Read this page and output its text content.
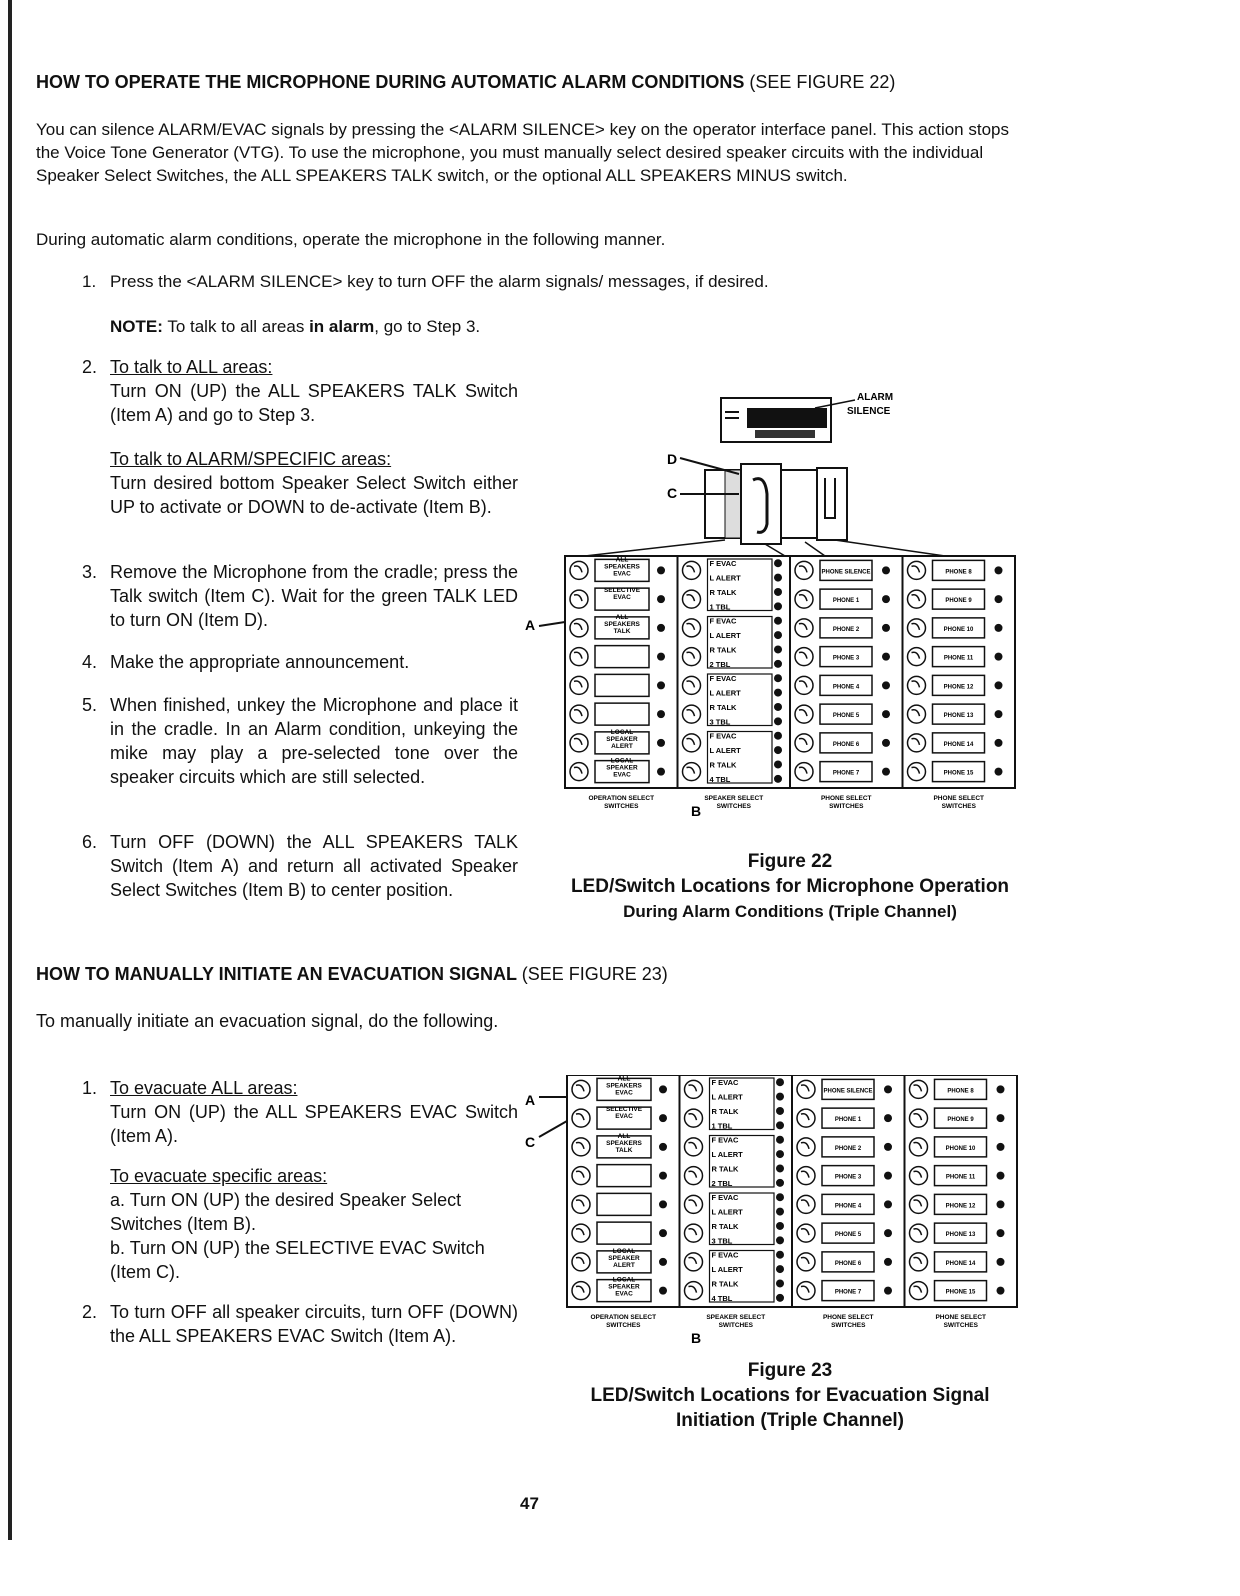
HOW TO OPERATE THE MICROPHONE DURING AUTOMATIC ALARM CONDITIONS (SEE FIGURE 22)
You can silence ALARM/EVAC signals by pressing the <ALARM SILENCE> key on the operator interface panel. This action stops the Voice Tone Generator (VTG). To use the microphone, you must manually select desired speaker circuits with the individual Speaker Select Switches, the ALL SPEAKERS TALK switch, or the optional ALL SPEAKERS MINUS switch.
During automatic alarm conditions, operate the microphone in the following manner.
1. Press the <ALARM SILENCE> key to turn OFF the alarm signals/ messages, if desired.
NOTE: To talk to all areas in alarm, go to Step 3.
2. To talk to ALL areas:
Turn ON (UP) the ALL SPEAKERS TALK Switch (Item A) and go to Step 3.
To talk to ALARM/SPECIFIC areas:
Turn desired bottom Speaker Select Switch either UP to activate or DOWN to de-activate (Item B).
3. Remove the Microphone from the cradle; press the Talk switch (Item C). Wait for the green TALK LED to turn ON (Item D).
4. Make the appropriate announcement.
5. When finished, unkey the Microphone and place it in the cradle. In an Alarm condition, unkeying the mike may play a pre-selected tone over the speaker circuits which are still selected.
6. Turn OFF (DOWN) the ALL SPEAKERS TALK Switch (Item A) and return all activated Speaker Select Switches (Item B) to center position.
ALARM
SILENCE
D
C
ALL
SPEAKERS
EVAC
SELECTIVE
EVAC
ALL
SPEAKERS
TALK
LOCAL
SPEAKER
ALERT
LOCAL
SPEAKER
EVAC
F EVAC
L ALERT
R TALK
1 TBL
F EVAC
L ALERT
R TALK
2 TBL
F EVAC
L ALERT
R TALK
3 TBL
F EVAC
L ALERT
R TALK
4 TBL
PHONE SILENCE
PHONE 1
PHONE 2
PHONE 3
PHONE 4
PHONE 5
PHONE 6
PHONE 7
PHONE 8
PHONE 9
PHONE 10
PHONE 11
PHONE 12
PHONE 13
PHONE 14
PHONE 15
OPERATION SELECT
SWITCHES
SPEAKER SELECT
SWITCHES
PHONE SELECT
SWITCHES
PHONE SELECT
SWITCHES
A
B
Figure 22
LED/Switch Locations for Microphone Operation
During Alarm Conditions (Triple Channel)
HOW TO MANUALLY INITIATE AN EVACUATION SIGNAL (SEE FIGURE 23)
To manually initiate an evacuation signal, do the following.
1. To evacuate ALL areas:
Turn ON (UP) the ALL SPEAKERS EVAC Switch (Item A).
To evacuate specific areas:
a. Turn ON (UP) the desired Speaker Select Switches (Item B).
b. Turn ON (UP) the SELECTIVE EVAC Switch (Item C).
2. To turn OFF all speaker circuits, turn OFF (DOWN) the ALL SPEAKERS EVAC Switch (Item A).
ALL
SPEAKERS
EVAC
SELECTIVE
EVAC
ALL
SPEAKERS
TALK
LOCAL
SPEAKER
ALERT
LOCAL
SPEAKER
EVAC
F EVAC
L ALERT
R TALK
1 TBL
F EVAC
L ALERT
R TALK
2 TBL
F EVAC
L ALERT
R TALK
3 TBL
F EVAC
L ALERT
R TALK
4 TBL
PHONE SILENCE
PHONE 1
PHONE 2
PHONE 3
PHONE 4
PHONE 5
PHONE 6
PHONE 7
PHONE 8
PHONE 9
PHONE 10
PHONE 11
PHONE 12
PHONE 13
PHONE 14
PHONE 15
OPERATION SELECT
SWITCHES
SPEAKER SELECT
SWITCHES
PHONE SELECT
SWITCHES
PHONE SELECT
SWITCHES
A
C
B
Figure 23
LED/Switch Locations for Evacuation Signal
Initiation (Triple Channel)
47
